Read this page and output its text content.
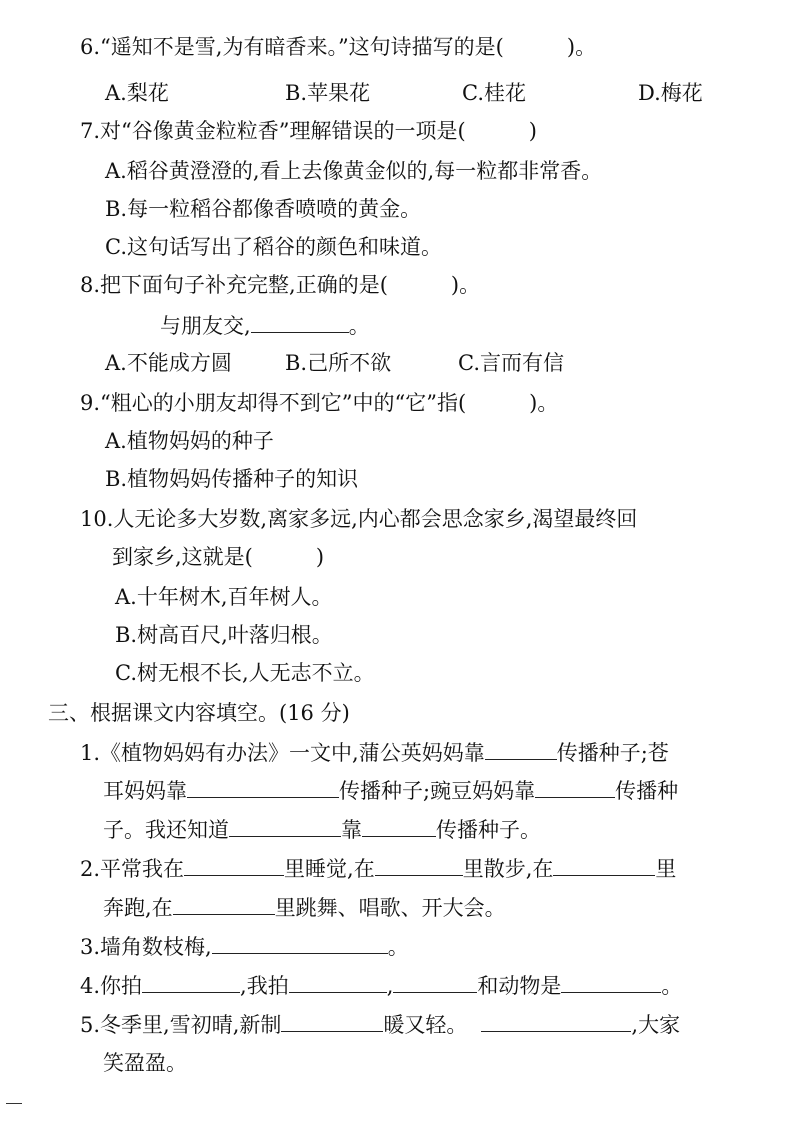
6.“遥知不是雪,为有暗香来。”这句诗描写的是(　　　)。
A.梨花	B.苹果花	C.桂花	D.梅花
7.对“谷像黄金粒粒香”理解错误的一项是(　　　)
A.稻谷黄澄澄的,看上去像黄金似的,每一粒都非常香。
B.每一粒稻谷都像香喷喷的黄金。
C.这句话写出了稻谷的颜色和味道。
8.把下面句子补充完整,正确的是(　　　)。
与朋友交,	。
A.不能成方圆	B.己所不欲	C.言而有信
9.“粗心的小朋友却得不到它”中的“它”指(　　　)。
A.植物妈妈的种子
B.植物妈妈传播种子的知识
10.人无论多大岁数,离家多远,内心都会思念家乡,渴望最终回
到家乡,这就是(　　　)
A.十年树木,百年树人。
B.树高百尺,叶落归根。
C.树无根不长,人无志不立。
三、根据课文内容填空。(16 分)
1.《植物妈妈有办法》一文中,蒲公英妈妈靠	传播种子;苍
耳妈妈靠	传播种子;豌豆妈妈靠	传播种
子。我还知道	靠	传播种子。
2.平常我在	里睡觉,在	里散步,在	里
奔跑,在	里跳舞、唱歌、开大会。
3.墙角数枝梅,	。
4.你拍	,我拍	,	和动物是	。
5.冬季里,雪初晴,新制	暖又轻。	,大家
笑盈盈。
